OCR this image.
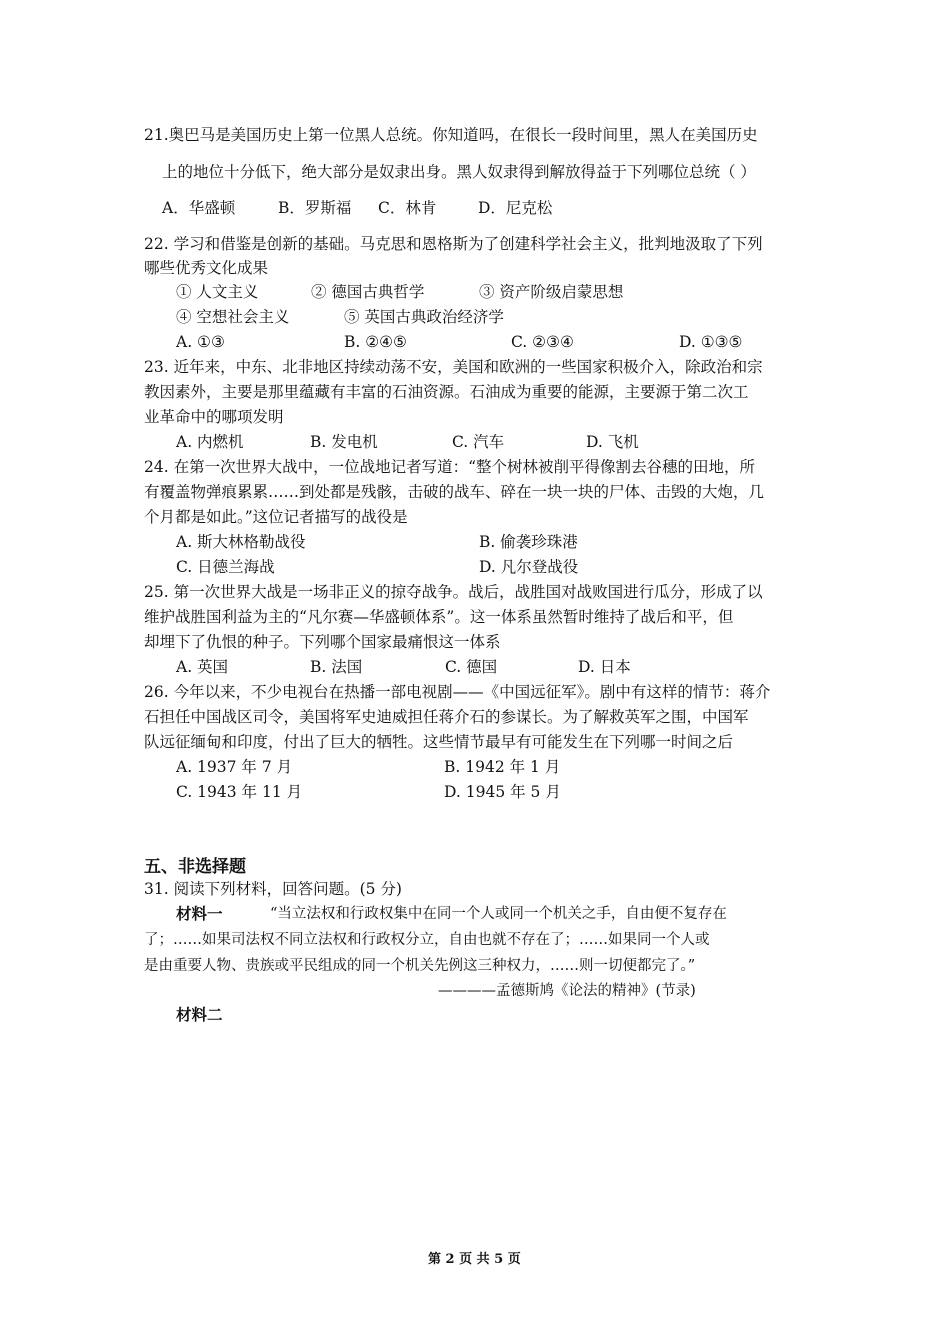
21.奥巴马是美国历史上第一位黑人总统。你知道吗，在很长一段时间里，黑人在美国历史
上的地位十分低下，绝大部分是奴隶出身。黑人奴隶得到解放得益于下列哪位总统（ ）
A．华盛顿	B．罗斯福 C．林肯	D．尼克松
22. 学习和借鉴是创新的基础。马克思和恩格斯为了创建科学社会主义，批判地汲取了下列
哪些优秀文化成果
① 人文主义	② 德国古典哲学	③ 资产阶级启蒙思想
④ 空想社会主义	⑤ 英国古典政治经济学
A. ①③	B. ②④⑤	C. ②③④	D. ①③⑤
23. 近年来，中东、北非地区持续动荡不安，美国和欧洲的一些国家积极介入，除政治和宗
教因素外，主要是那里蕴藏有丰富的石油资源。石油成为重要的能源，主要源于第二次工
业革命中的哪项发明
A. 内燃机	B. 发电机	C. 汽车	D. 飞机
24. 在第一次世界大战中，一位战地记者写道：“整个树林被削平得像割去谷穗的田地，所
有覆盖物弹痕累累……到处都是残骸，击破的战车、碎在一块一块的尸体、击毁的大炮，几
个月都是如此。”这位记者描写的战役是
A. 斯大林格勒战役	B. 偷袭珍珠港
C. 日德兰海战	D. 凡尔登战役
25. 第一次世界大战是一场非正义的掠夺战争。战后，战胜国对战败国进行瓜分，形成了以
维护战胜国利益为主的“凡尔赛—华盛顿体系”。这一体系虽然暂时维持了战后和平，但
却埋下了仇恨的种子。下列哪个国家最痛恨这一体系
A. 英国	B. 法国	C. 德国	D. 日本
26. 今年以来，不少电视台在热播一部电视剧——《中国远征军》。剧中有这样的情节：蒋介
石担任中国战区司令，美国将军史迪威担任蒋介石的参谋长。为了解救英军之围，中国军
队远征缅甸和印度，付出了巨大的牺牲。这些情节最早有可能发生在下列哪一时间之后
A. 1937 年 7 月	B. 1942 年 1 月
C. 1943 年 11 月	D. 1945 年 5 月
五、非选择题
31. 阅读下列材料，回答问题。(5 分)
材料一	“当立法权和行政权集中在同一个人或同一个机关之手，自由便不复存在
了；……如果司法权不同立法权和行政权分立，自由也就不存在了；……如果同一个人或
是由重要人物、贵族或平民组成的同一个机关先例这三种权力，……则一切便都完了。”
————孟德斯鸠《论法的精神》(节录)
材料二
第 2 页 共 5 页
